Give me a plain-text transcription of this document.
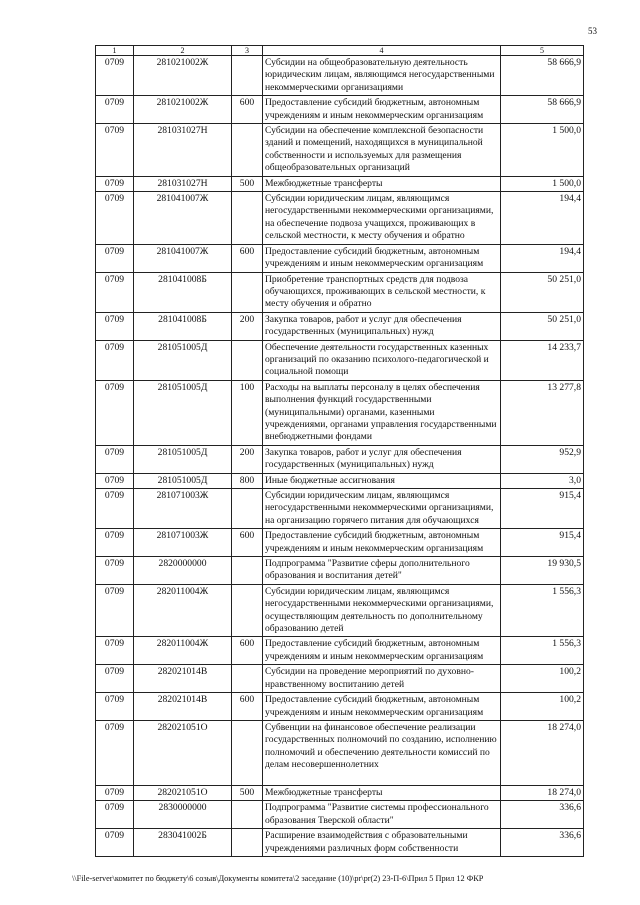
53
1	2	3	4	5
0709	281021002Ж		Субсидии на общеобразовательную деятельность юридическим лицам, являющимся негосударственными некоммерческими организациями	58 666,9
0709	281021002Ж	600	Предоставление субсидий бюджетным, автономным учреждениям и иным некоммерческим организациям	58 666,9
0709	281031027Н		Субсидии на обеспечение комплексной безопасности зданий и помещений, находящихся в муниципальной собственности и используемых для размещения общеобразовательных организаций	1 500,0
0709	281031027Н	500	Межбюджетные трансферты	1 500,0
0709	281041007Ж		Субсидии юридическим лицам, являющимся негосударственными некоммерческими организациями, на обеспечение подвоза учащихся, проживающих в сельской местности, к месту обучения и обратно	194,4
0709	281041007Ж	600	Предоставление субсидий бюджетным, автономным учреждениям и иным некоммерческим организациям	194,4
0709	281041008Б		Приобретение транспортных средств для подвоза обучающихся, проживающих в сельской местности, к месту обучения и обратно	50 251,0
0709	281041008Б	200	Закупка товаров, работ и услуг для обеспечения государственных (муниципальных) нужд	50 251,0
0709	281051005Д		Обеспечение деятельности государственных казенных организаций по оказанию психолого-педагогической и социальной помощи	14 233,7
0709	281051005Д	100	Расходы на выплаты персоналу в целях обеспечения выполнения функций государственными (муниципальными) органами, казенными учреждениями, органами управления государственными внебюджетными фондами	13 277,8
0709	281051005Д	200	Закупка товаров, работ и услуг для обеспечения государственных (муниципальных) нужд	952,9
0709	281051005Д	800	Иные бюджетные ассигнования	3,0
0709	281071003Ж		Субсидии юридическим лицам, являющимся негосударственными некоммерческими организациями, на организацию горячего питания для обучающихся	915,4
0709	281071003Ж	600	Предоставление субсидий бюджетным, автономным учреждениям и иным некоммерческим организациям	915,4
0709	2820000000		Подпрограмма "Развитие сферы дополнительного образования и воспитания детей"	19 930,5
0709	282011004Ж		Субсидии юридическим лицам, являющимся негосударственными некоммерческими организациями, осуществляющим деятельность по дополнительному образованию детей	1 556,3
0709	282011004Ж	600	Предоставление субсидий бюджетным, автономным учреждениям и иным некоммерческим организациям	1 556,3
0709	282021014В		Субсидии на проведение мероприятий по духовно-нравственному воспитанию детей	100,2
0709	282021014В	600	Предоставление субсидий бюджетным, автономным учреждениям и иным некоммерческим организациям	100,2
0709	282021051О		Субвенции на финансовое обеспечение реализации государственных полномочий по созданию, исполнению полномочий и обеспечению деятельности комиссий по делам несовершеннолетних	18 274,0
0709	282021051О	500	Межбюджетные трансферты	18 274,0
0709	2830000000		Подпрограмма "Развитие системы профессионального образования Тверской области"	336,6
0709	283041002Б		Расширение взаимодействия с образовательными учреждениями различных форм собственности	336,6
\\File-server\комитет по бюджету\6 созыв\Документы комитета\2 заседание (10)\pr\pr(2) 23-П-6\Прил 5 Прил 12 ФКР
